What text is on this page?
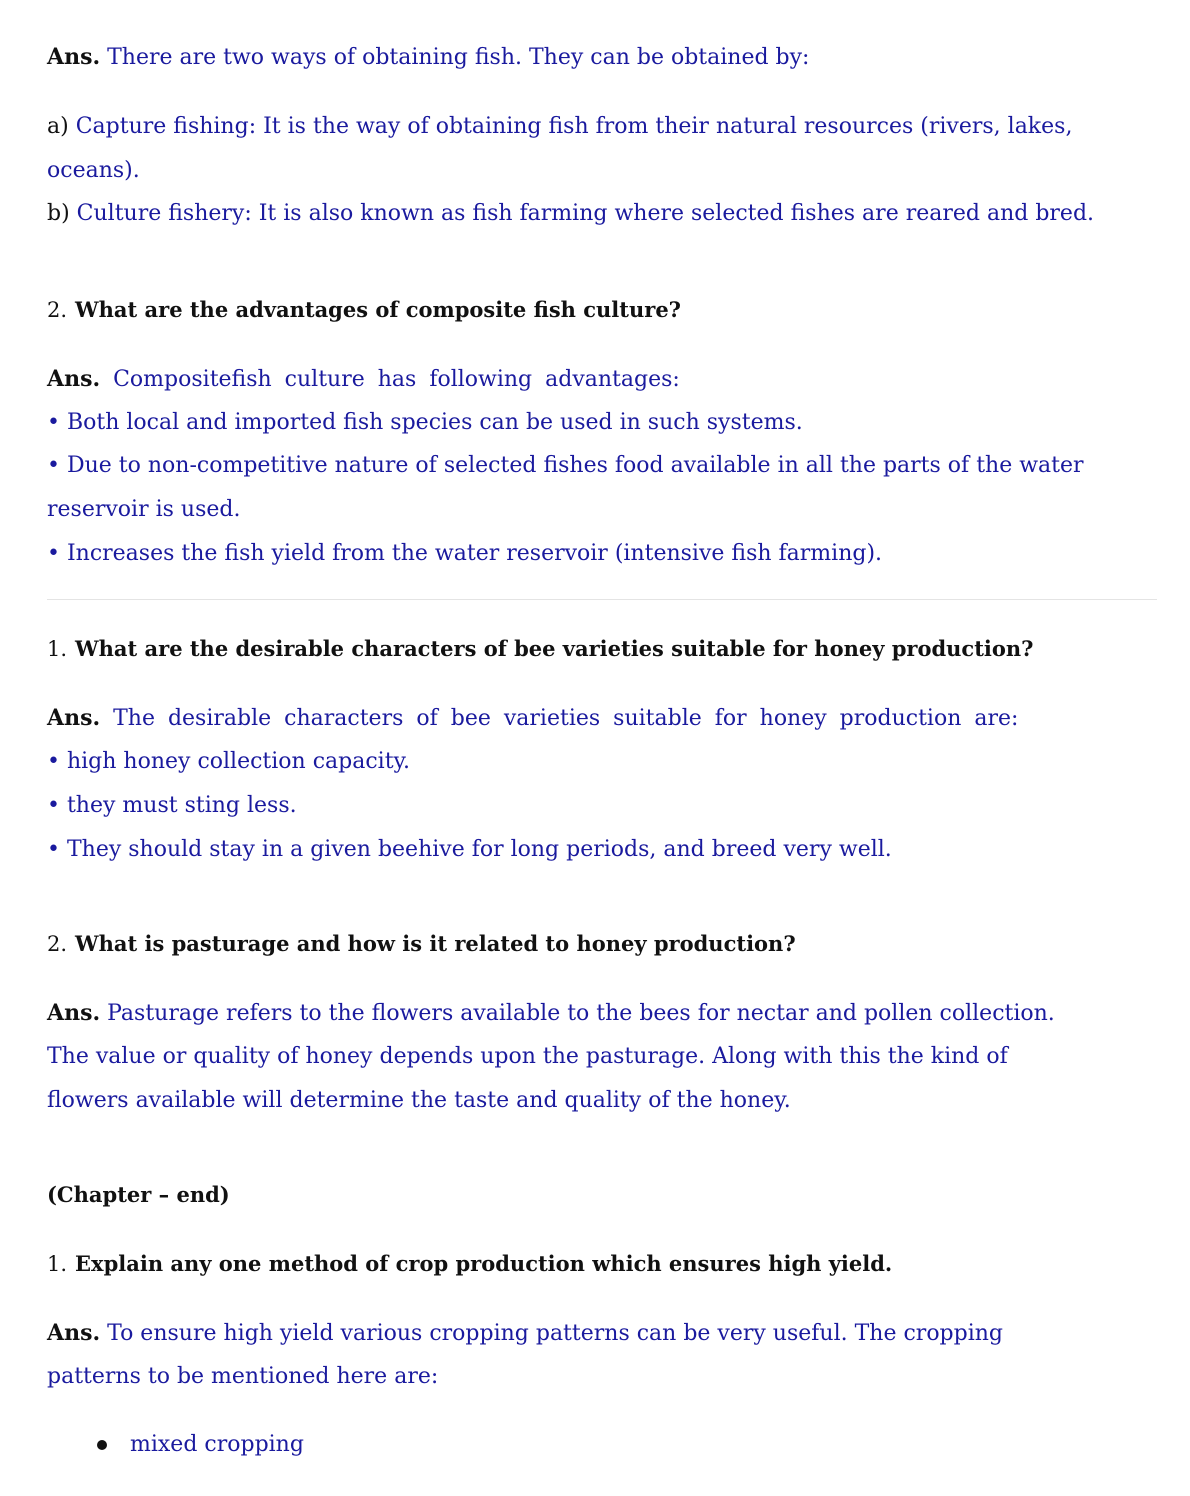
Ans. There are two ways of obtaining fish. They can be obtained by:
a) Capture fishing: It is the way of obtaining fish from their natural resources (rivers, lakes,
oceans).
b) Culture fishery: It is also known as fish farming where selected fishes are reared and bred.
2. What are the advantages of composite fish culture?
Ans. Compositefish culture has following advantages:
• Both local and imported fish species can be used in such systems.
• Due to non-competitive nature of selected fishes food available in all the parts of the water
reservoir is used.
• Increases the fish yield from the water reservoir (intensive fish farming).
1. What are the desirable characters of bee varieties suitable for honey production?
Ans. The desirable characters of bee varieties suitable for honey production are:
• high honey collection capacity.
• they must sting less.
• They should stay in a given beehive for long periods, and breed very well.
2. What is pasturage and how is it related to honey production?
Ans. Pasturage refers to the flowers available to the bees for nectar and pollen collection.
The value or quality of honey depends upon the pasturage. Along with this the kind of
flowers available will determine the taste and quality of the honey.
(Chapter – end)
1. Explain any one method of crop production which ensures high yield.
Ans. To ensure high yield various cropping patterns can be very useful. The cropping
patterns to be mentioned here are:
mixed cropping
